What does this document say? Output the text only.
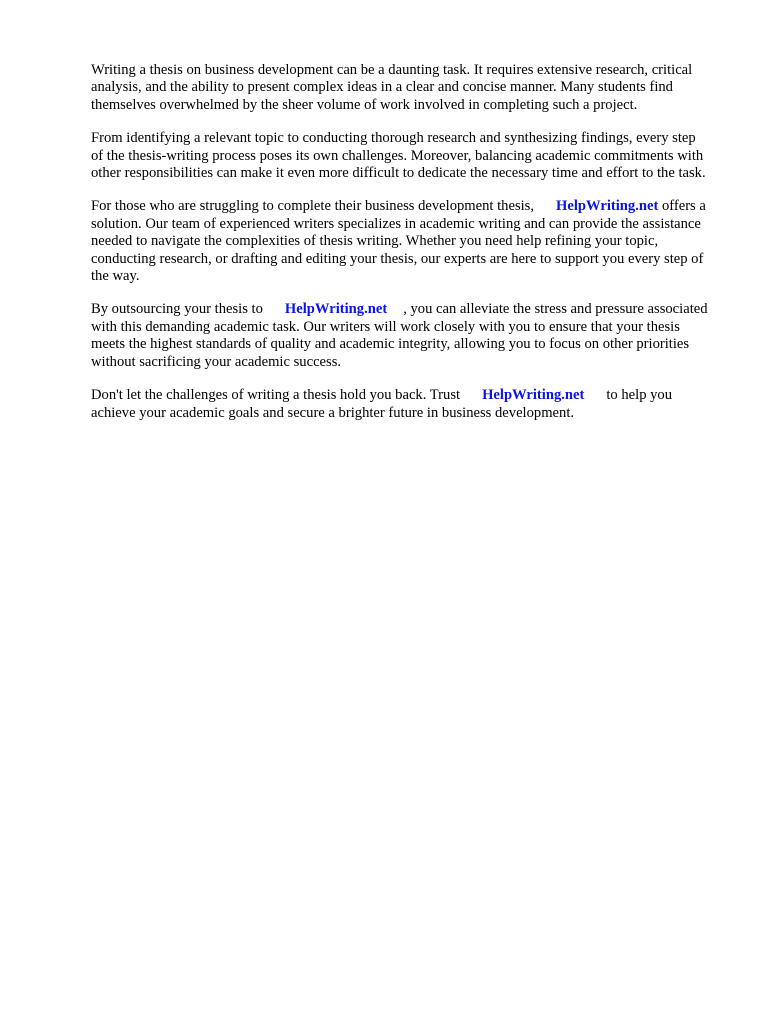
Writing a thesis on business development can be a daunting task. It requires extensive research, critical analysis, and the ability to present complex ideas in a clear and concise manner. Many students find themselves overwhelmed by the sheer volume of work involved in completing such a project.

From identifying a relevant topic to conducting thorough research and synthesizing findings, every step of the thesis-writing process poses its own challenges. Moreover, balancing academic commitments with other responsibilities can make it even more difficult to dedicate the necessary time and effort to the task.

For those who are struggling to complete their business development thesis, HelpWriting.net offers a solution. Our team of experienced writers specializes in academic writing and can provide the assistance needed to navigate the complexities of thesis writing. Whether you need help refining your topic, conducting research, or drafting and editing your thesis, our experts are here to support you every step of the way.

By outsourcing your thesis to HelpWriting.net , you can alleviate the stress and pressure associated with this demanding academic task. Our writers will work closely with you to ensure that your thesis meets the highest standards of quality and academic integrity, allowing you to focus on other priorities without sacrificing your academic success.

Don't let the challenges of writing a thesis hold you back. Trust HelpWriting.net to help you achieve your academic goals and secure a brighter future in business development.
